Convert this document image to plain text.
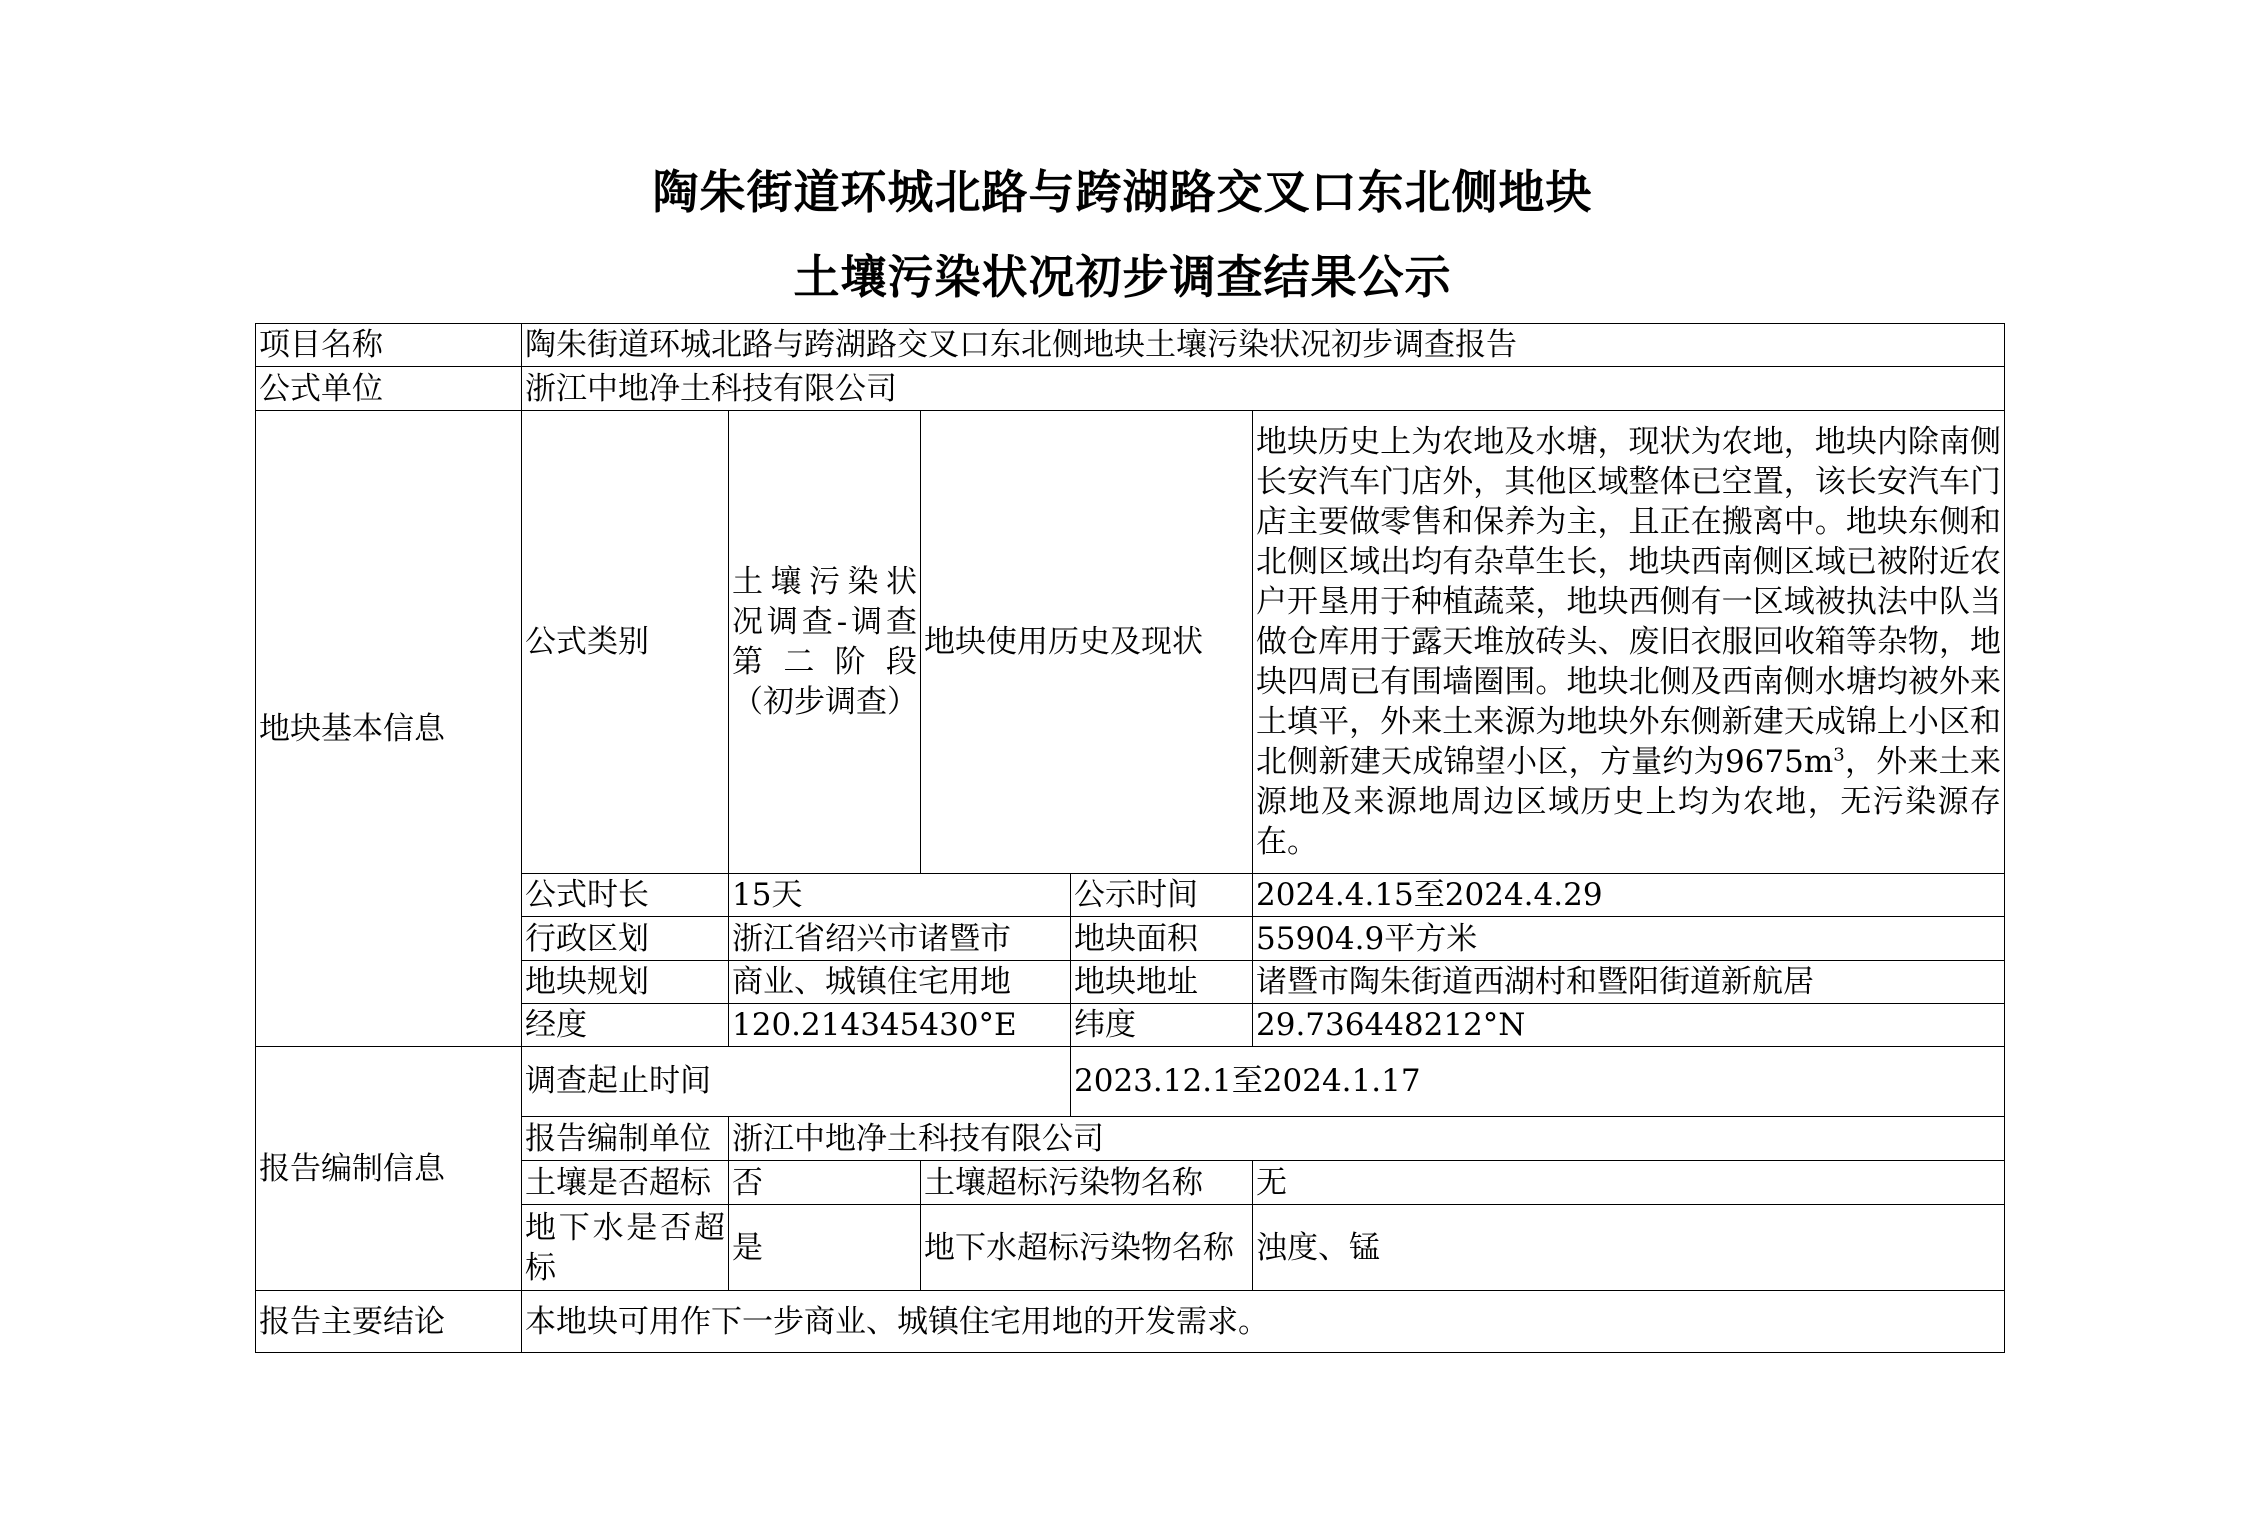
陶朱街道环城北路与跨湖路交叉口东北侧地块
土壤污染状况初步调查结果公示
项目名称	陶朱街道环城北路与跨湖路交叉口东北侧地块土壤污染状况初步调查报告				
公式单位	浙江中地净土科技有限公司				
地块基本信息	公式类别	土壤污染状况调查-调查第二阶段（初步调查）	地块使用历史及现状		地块历史上为农地及水塘，现状为农地，地块内除南侧长安汽车门店外，其他区域整体已空置，该长安汽车门店主要做零售和保养为主，且正在搬离中。地块东侧和北侧区域出均有杂草生长，地块西南侧区域已被附近农户开垦用于种植蔬菜，地块西侧有一区域被执法中队当做仓库用于露天堆放砖头、废旧衣服回收箱等杂物，地块四周已有围墙圈围。地块北侧及西南侧水塘均被外来土填平，外来土来源为地块外东侧新建天成锦上小区和北侧新建天成锦望小区，方量约为$9675m^3$，外来土来源地及来源地周边区域历史上均为农地，无污染源存在。
	公式时长	15天		公示时间	2024.4.15至2024.4.29
	行政区划	浙江省绍兴市诸暨市		地块面积	55904.9平方米
	地块规划	商业、城镇住宅用地		地块地址	诸暨市陶朱街道西湖村和暨阳街道新航居
	经度	120.214345430°E		纬度	29.736448212°N
报告编制信息	调查起止时间			2023.12.1至2024.1.17	
	报告编制单位	浙江中地净土科技有限公司			
	土壤是否超标	否	土壤超标污染物名称		无
	地下水是否超标	是	地下水超标污染物名称		浊度、锰
报告主要结论	本地块可用作下一步商业、城镇住宅用地的开发需求。				
